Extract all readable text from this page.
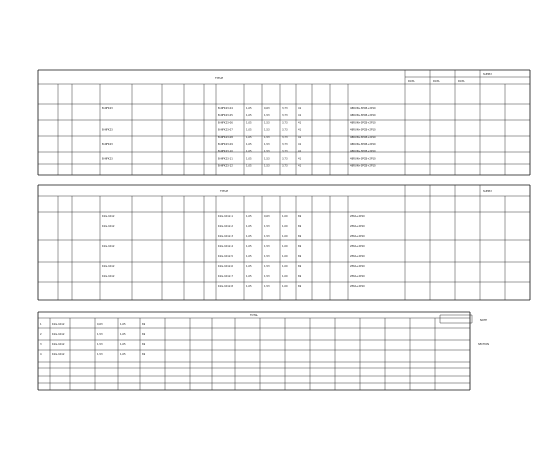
TITLE
DATA	DATA	DATA
SUPPLY
B-NFK23	B-NFK23-04	1,05	0,63	3,73	41	48RUN+3PCB+2P10
B-NFK23-05	1,05	1,53	3,73	41	48RUN+3PCB+2P10
B-NFK23-06	1,05	1,53	3,73	41	48RUN+3PCB+2P10
B-NFK23	B-NFK23-07	1,05	1,53	3,73	41	48RUN+3PCB+2P10
B-NFK23-08	1,05	1,53	3,73	41	48RUN+3PCB+2P10
B-NFK23	B-NFK23-09	1,05	1,53	3,73	41	48RUN+3PCB+2P10
B-NFK23-10	1,05	1,53	3,73	41	48RUN+3PCB+2P10
B-NFK23	B-NFK23-11	1,05	1,53	3,73	41	48RUN+3PCB+2P10
B-NFK23-12	1,05	1,53	3,73	41	48RUN+3PCB+2P10
TITLE	SUPPLY
K1G-1K12	K1G-1K12-1	1,05	0,63	1,00	69	2P6A+2P10
K1G-1K12	K1G-1K12-2	1,05	1,53	1,00	69	2P6A+2P10
K1G-1K12-3	1,05	1,53	1,00	69	2P6A+2P10
K1G-1K12	K1G-1K12-4	1,05	1,53	1,00	69	2P6A+2P10
K1G-1K12-5	1,05	1,53	1,00	69	2P6A+2P10
K1G-1K12	K1G-1K12-6	1,05	1,53	1,00	69	2P6A+2P10
K1G-1K12	K1G-1K12-7	1,05	1,53	1,00	69	2P6A+2P10
K1G-1K12-8	1,05	1,53	1,00	69	2P6A+2P10
TOTAL
1	K1G-1K12	0,63	1,05	69
2	K1G-1K12	1,53	1,05	69
3	K1G-1K12	1,53	1,05	69
4	K1G-1K12	1,53	1,05	69
NOTE
SECTION
